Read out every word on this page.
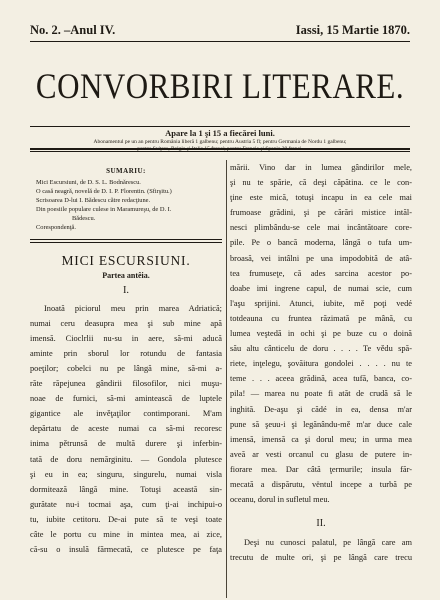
No. 2. –Anul IV.	Iassi, 15 Martie 1870.
CONVORBIRI LITERARE.
Apare la 1 şi 15 a fiecărei luni.
Abonamentul pe un an pentru România liberă 1 galbenu; pentru Austria 5 fl; pentru Germania de Nordu 1 galbenu;
SUMARIU:
Mici Escursiuni, de D. S. L. Bodnărescu.
O casă neagră, novelă de D. I. P. Florentin. (Sfirşitu.)
Scrisoarea D-lui I. Bădescu către redacţiune.
Din poesiile populare culese in Maramureşu, de D. I.
Bădescu.
Corespondenţă.
MICI ESCURSIUNI.
Partea antêia.
I.
Inoată piciorul meu prin marea Adriatică;
numai ceru deasupra mea şi sub mine apă
imensă. Cioclrlii nu-su in aere, să-mi aducă
aminte prin sborul lor rotundu de fantasia
poeţilor; cobelci nu pe lângă mine, să-mi a-
răte răpejunea gândirii filosofilor, nici muşu-
noae de furnici, să-mi amintească de luptele
gigantice ale invěţaţilor contimporani. M'am
depărtatu de aceste numai ca să-mi recoresc
inima pětrunsă de multă durere şi inferbin-
tată de doru nemărginitu. — Gondola plutesce
şi eu in ea; singuru, singurelu, numai visla
dormitează lângă mine. Totuşi această sin-
gurătate nu-i tocmai aşa, cum ţi-ai inchipui-o
tu, iubite cetitoru. De-ai pute să te veşi toate
câte le portu cu mine in mintea mea, ai zice,
că-su o insulă fărmecată, ce plutesce pe faţa
mării. Vino dar in lumea gândirilor mele,
şi nu te spărie, că deşi căpătina. ce le con-
ţine este mică, totuşi incapu in ea cele mai
frumoase grădini, şi pe cărări mistice intăl-
nesci plimbându-se cele mai incântătoare core-
pile. Pe o bancă moderna, lângă o tufa um-
broasă, vei intâlni pe una impodobită de atâ-
tea frumuseţe, că ades sarcina acestor po-
doabe imi ingrene capul, de numai scie, cum
l'aşu sprijini. Atunci, iubite, mě poţi vedé
totdeauna cu fruntea răzimată pe mână, cu
lumea veştedă in ochi şi pe buze cu o doină
său altu cânticelu de doru . . . . Te vědu spă-
riete, inţelegu, şovăitura gondolei . . . . nu te
teme . . . aceea grădină, acea tufă, banca, co-
pila! — marea nu poate fi atăt de crudă să le
inghită. De-aşu şi cădé in ea, densa m'ar
pune să şeuu-i şi legănându-mě m'ar duce cale
imensă, imensă ca şi dorul meu; in urma mea
aveă ar vesti orcanul cu glasu de putere in-
fiorare mea. Dar câtă ţermurile; insula făr-
mecată a dispărutu, vëntul incepe a turbă pe
oceanu, dorul in sufletul meu.
II.
Deşi nu cunosci palatul, pe lângă care am
trecutu de multe ori, şi pe lângă care trecu
